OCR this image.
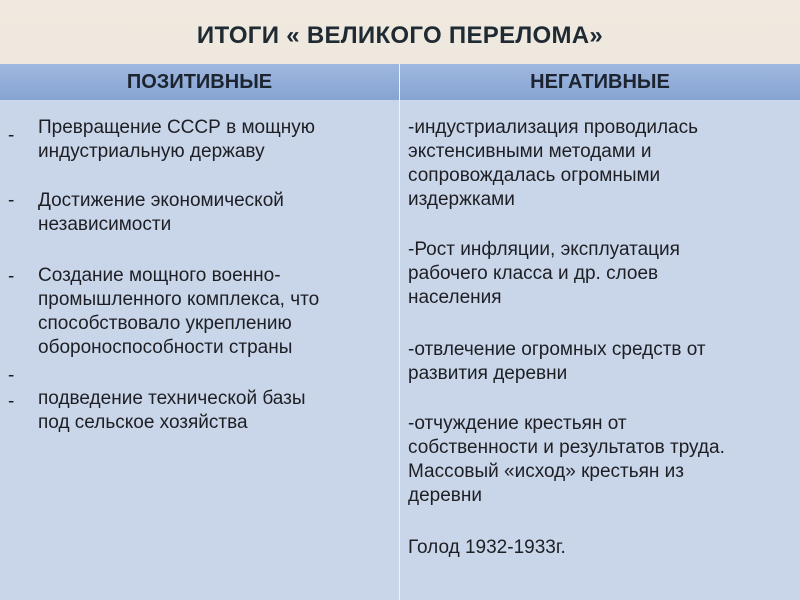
ИТОГИ « ВЕЛИКОГО ПЕРЕЛОМА»
ПОЗИТИВНЫЕ	НЕГАТИВНЫЕ
-
-
-
-
-
Превращение СССР в мощную
индустриальную державу
Достижение экономической
независимости
Создание мощного военно-
промышленного комплекса, что
способствовало укреплению
обороноспособности страны
подведение технической базы
под сельское хозяйства
-индустриализация проводилась
экстенсивными методами и
сопровождалась огромными
издержками
-Рост инфляции, эксплуатация
рабочего класса и др. слоев
населения
-отвлечение огромных средств от
развития деревни
-отчуждение крестьян от
собственности и результатов труда.
Массовый «исход» крестьян из
деревни
Голод 1932-1933г.
